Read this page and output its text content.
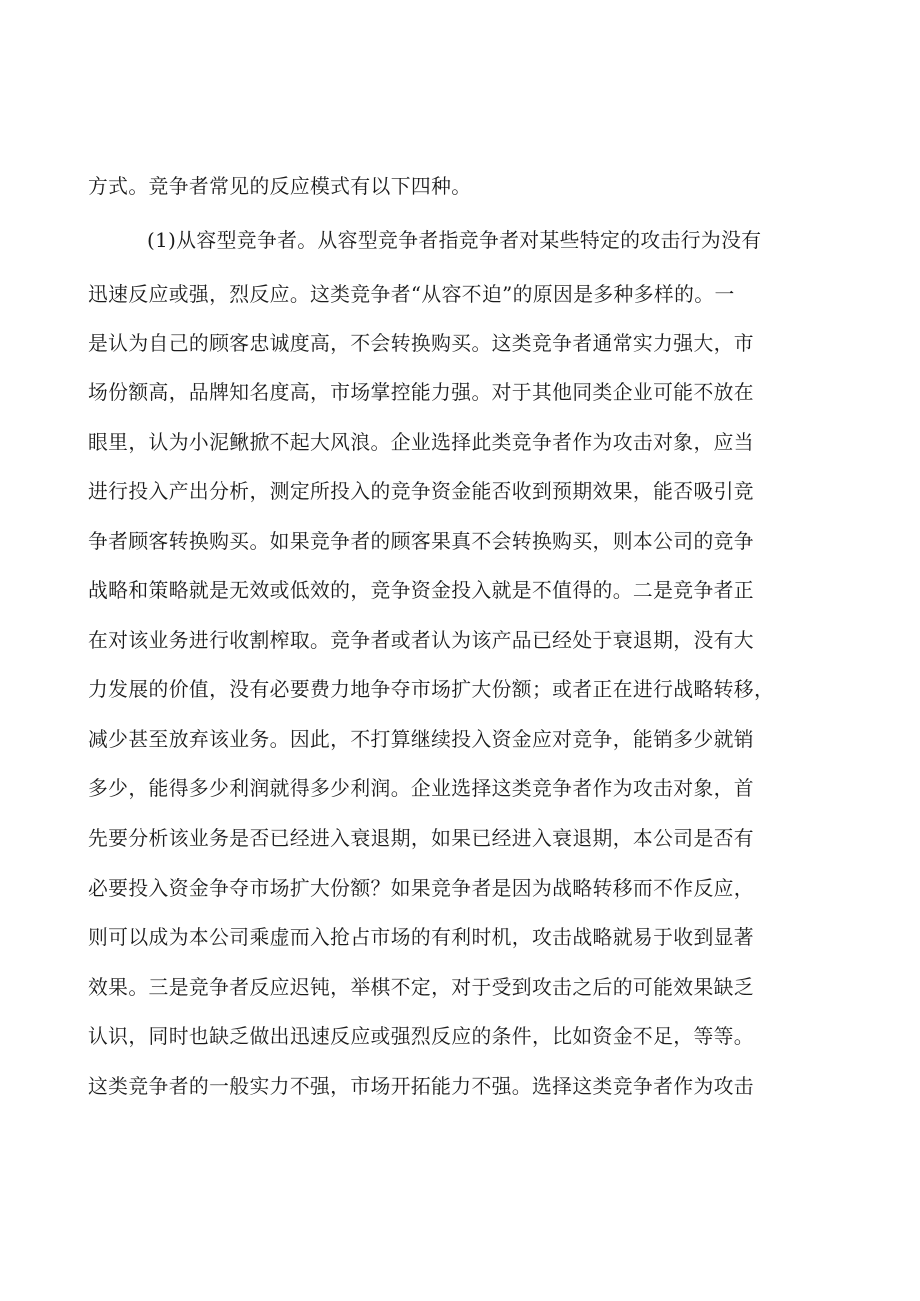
方式。竞争者常见的反应模式有以下四种。

(1)从容型竞争者。从容型竞争者指竞争者对某些特定的攻击行为没有

迅速反应或强，烈反应。这类竞争者“从容不迫”的原因是多种多样的。一

是认为自己的顾客忠诚度高，不会转换购买。这类竞争者通常实力强大，市

场份额高，品牌知名度高，市场掌控能力强。对于其他同类企业可能不放在

眼里，认为小泥鳅掀不起大风浪。企业选择此类竞争者作为攻击对象，应当

进行投入产出分析，测定所投入的竞争资金能否收到预期效果，能否吸引竞

争者顾客转换购买。如果竞争者的顾客果真不会转换购买，则本公司的竞争

战略和策略就是无效或低效的，竞争资金投入就是不值得的。二是竞争者正

在对该业务进行收割榨取。竞争者或者认为该产品已经处于衰退期，没有大

力发展的价值，没有必要费力地争夺市场扩大份额；或者正在进行战略转移，

减少甚至放弃该业务。因此，不打算继续投入资金应对竞争，能销多少就销

多少，能得多少利润就得多少利润。企业选择这类竞争者作为攻击对象，首

先要分析该业务是否已经进入衰退期，如果已经进入衰退期，本公司是否有

必要投入资金争夺市场扩大份额？如果竞争者是因为战略转移而不作反应，

则可以成为本公司乘虚而入抢占市场的有利时机，攻击战略就易于收到显著

效果。三是竞争者反应迟钝，举棋不定，对于受到攻击之后的可能效果缺乏

认识，同时也缺乏做出迅速反应或强烈反应的条件，比如资金不足，等等。

这类竞争者的一般实力不强，市场开拓能力不强。选择这类竞争者作为攻击
